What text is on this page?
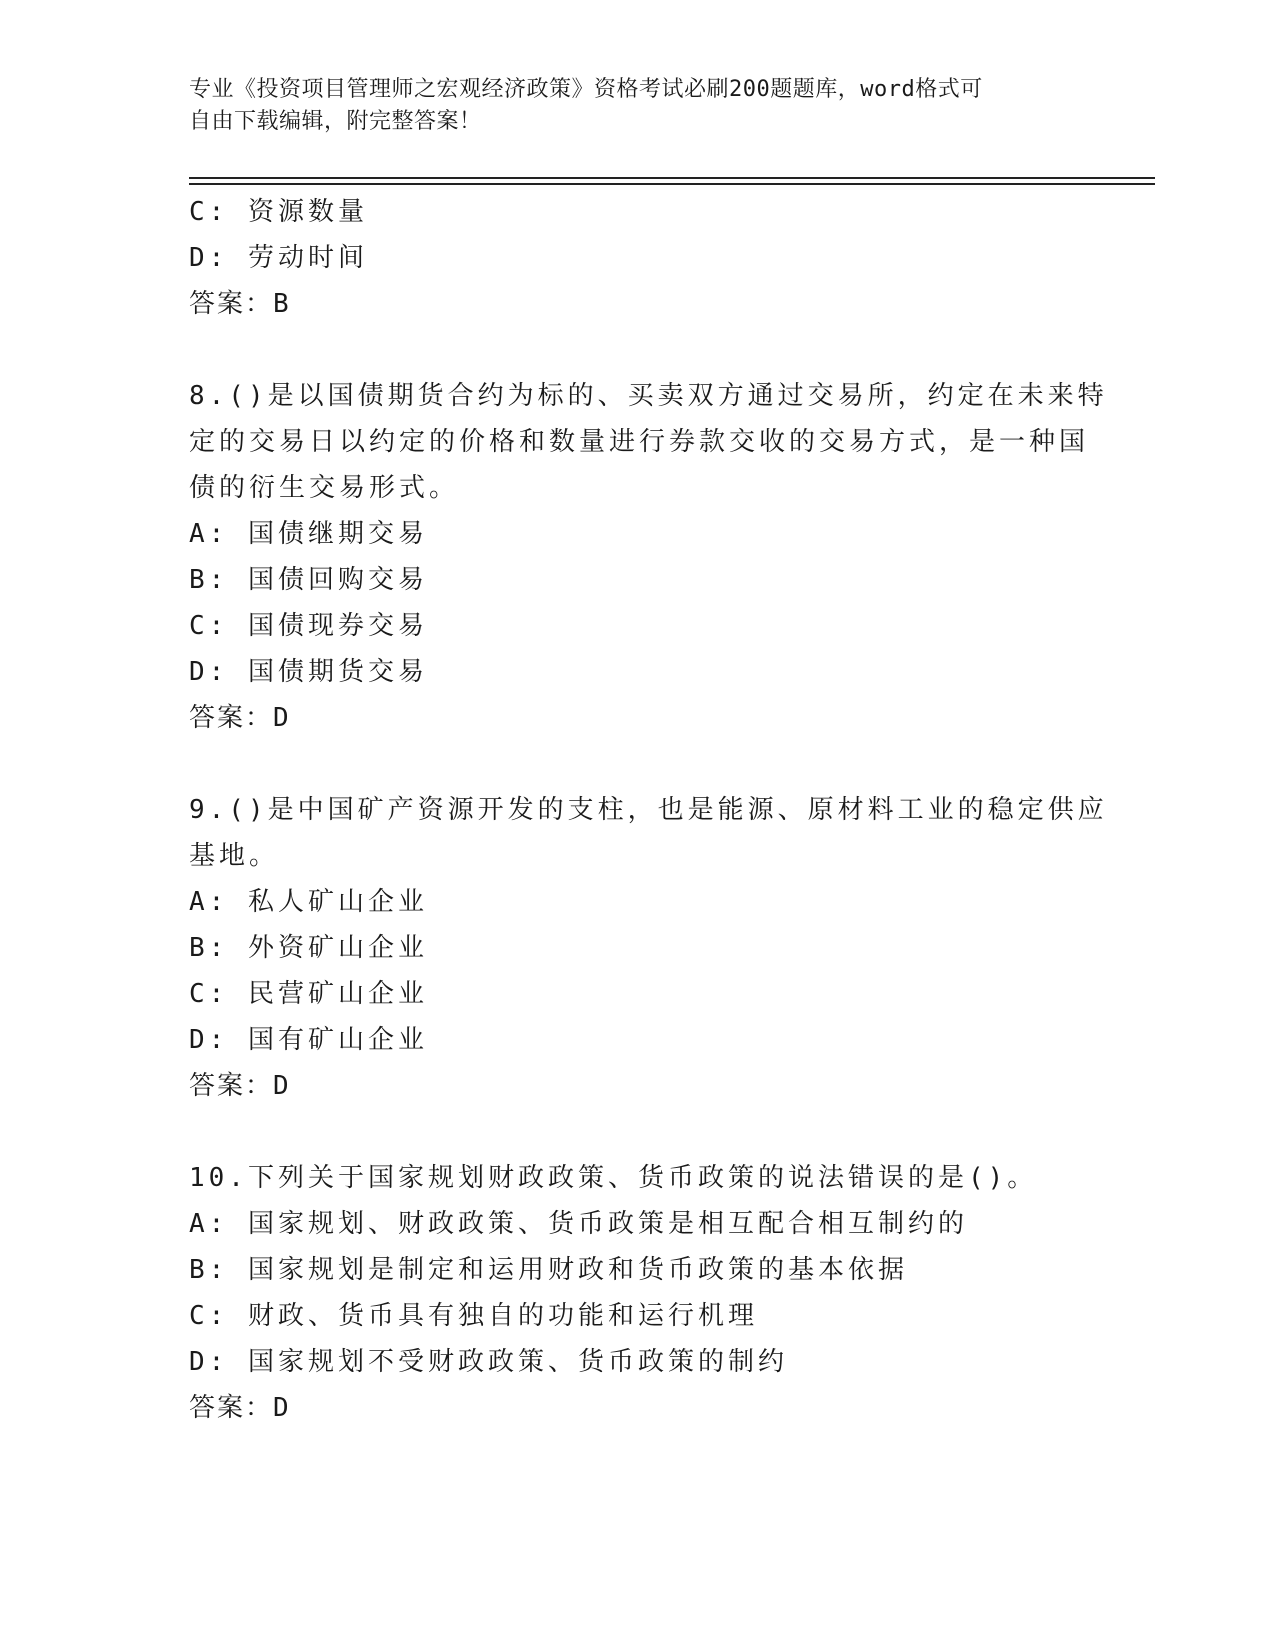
专业《投资项目管理师之宏观经济政策》资格考试必刷200题题库，word格式可
自由下载编辑，附完整答案！
C: 资源数量
D: 劳动时间
答案：B
8.()是以国债期货合约为标的、买卖双方通过交易所，约定在未来特
定的交易日以约定的价格和数量进行券款交收的交易方式，是一种国
债的衍生交易形式。
A: 国债继期交易
B: 国债回购交易
C: 国债现券交易
D: 国债期货交易
答案：D
9.()是中国矿产资源开发的支柱，也是能源、原材料工业的稳定供应
基地。
A: 私人矿山企业
B: 外资矿山企业
C: 民营矿山企业
D: 国有矿山企业
答案：D
10.下列关于国家规划财政政策、货币政策的说法错误的是()。
A: 国家规划、财政政策、货币政策是相互配合相互制约的
B: 国家规划是制定和运用财政和货币政策的基本依据
C: 财政、货币具有独自的功能和运行机理
D: 国家规划不受财政政策、货币政策的制约
答案：D
